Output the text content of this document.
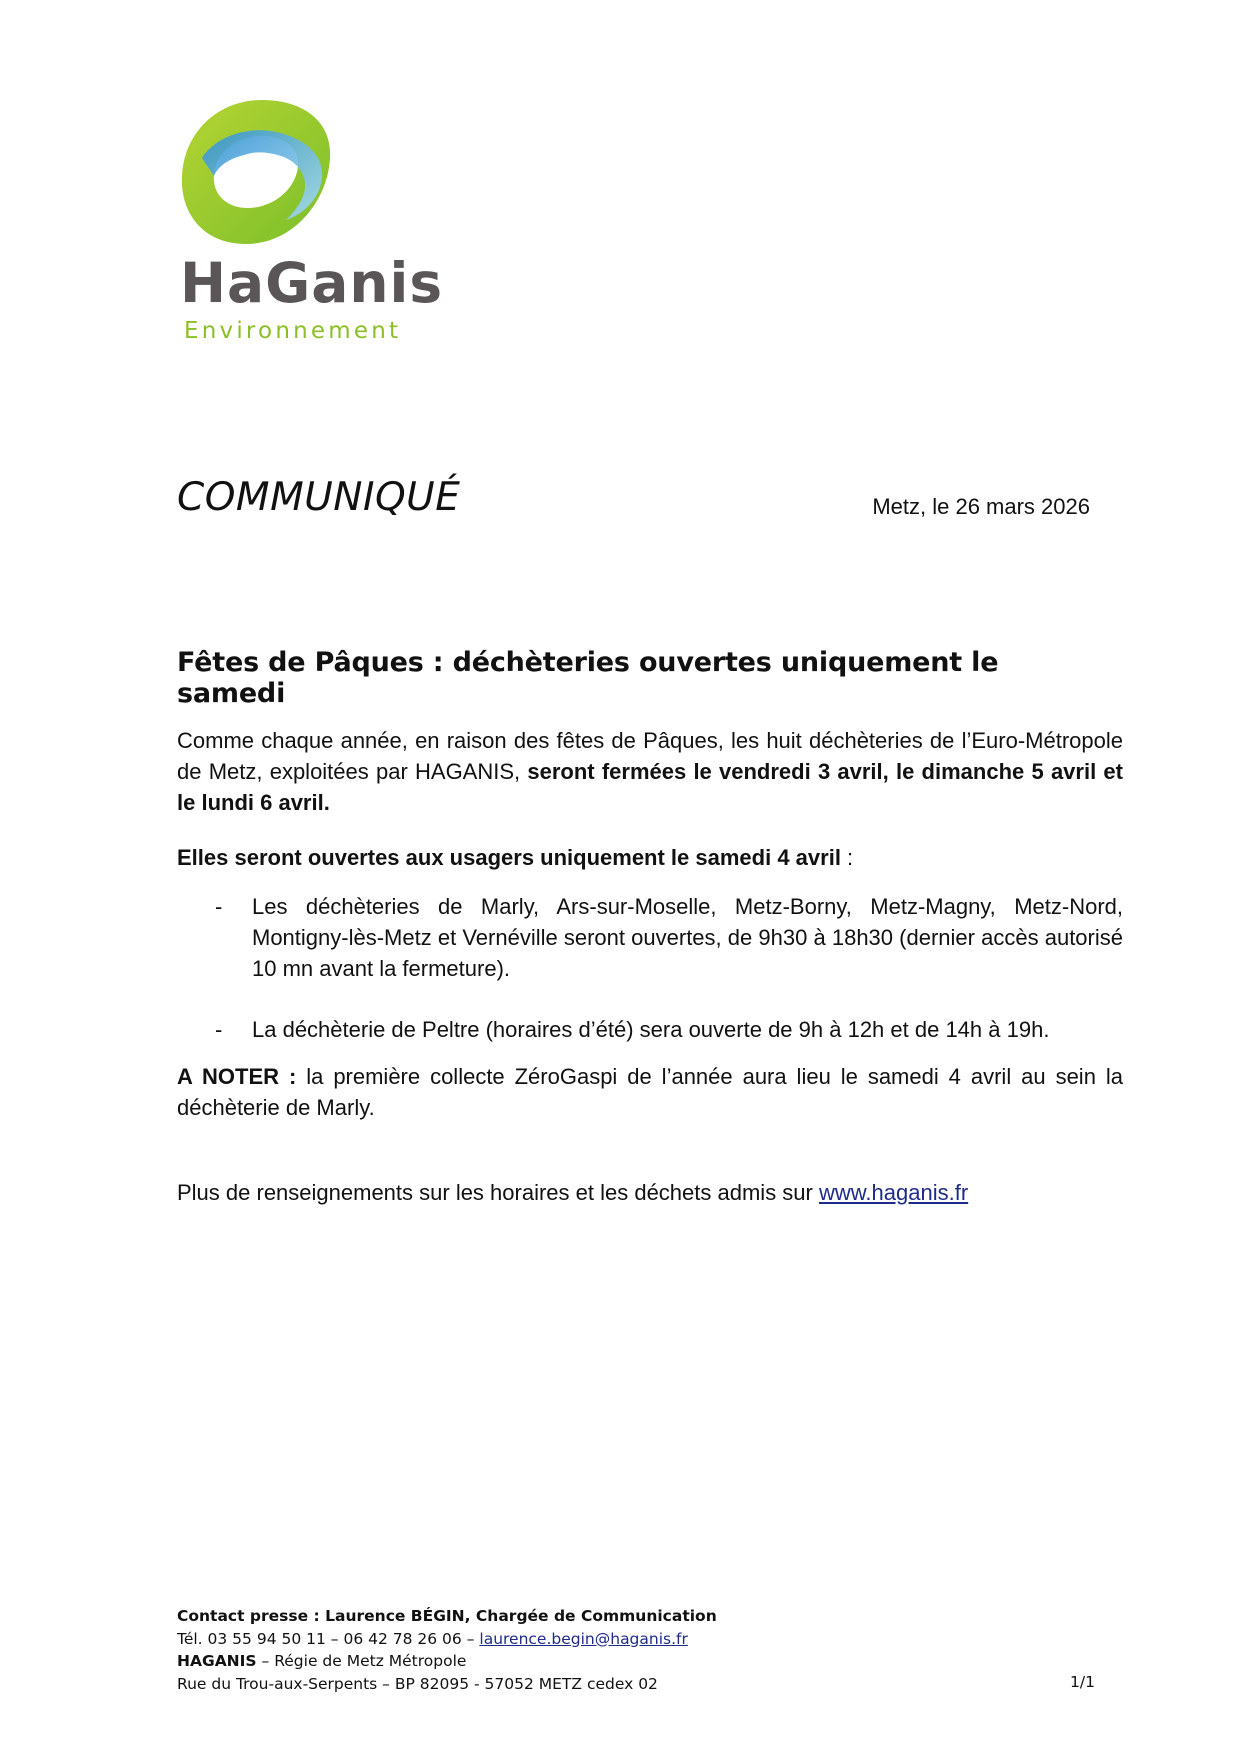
HaGanis
Environnement
COMMUNIQUÉ	Metz, le 26 mars 2026
Fêtes de Pâques : déchèteries ouvertes uniquement le samedi

Comme chaque année, en raison des fêtes de Pâques, les huit déchèteries de l’Euro-Métropole de Metz, exploitées par HAGANIS, seront fermées le vendredi 3 avril, le dimanche 5 avril et le lundi 6 avril.

Elles seront ouvertes aux usagers uniquement le samedi 4 avril :

- Les déchèteries de Marly, Ars-sur-Moselle, Metz-Borny, Metz-Magny, Metz-Nord, Montigny-lès-Metz et Vernéville seront ouvertes, de 9h30 à 18h30 (dernier accès autorisé 10 mn avant la fermeture).
- La déchèterie de Peltre (horaires d’été) sera ouverte de 9h à 12h et de 14h à 19h.

A NOTER : la première collecte ZéroGaspi de l’année aura lieu le samedi 4 avril au sein la déchèterie de Marly.

Plus de renseignements sur les horaires et les déchets admis sur www.haganis.fr

Contact presse : Laurence BÉGIN, Chargée de Communication
Tél. 03 55 94 50 11 – 06 42 78 26 06 – laurence.begin@haganis.fr
HAGANIS – Régie de Metz Métropole
Rue du Trou-aux-Serpents – BP 82095 - 57052 METZ cedex 02	1/1
